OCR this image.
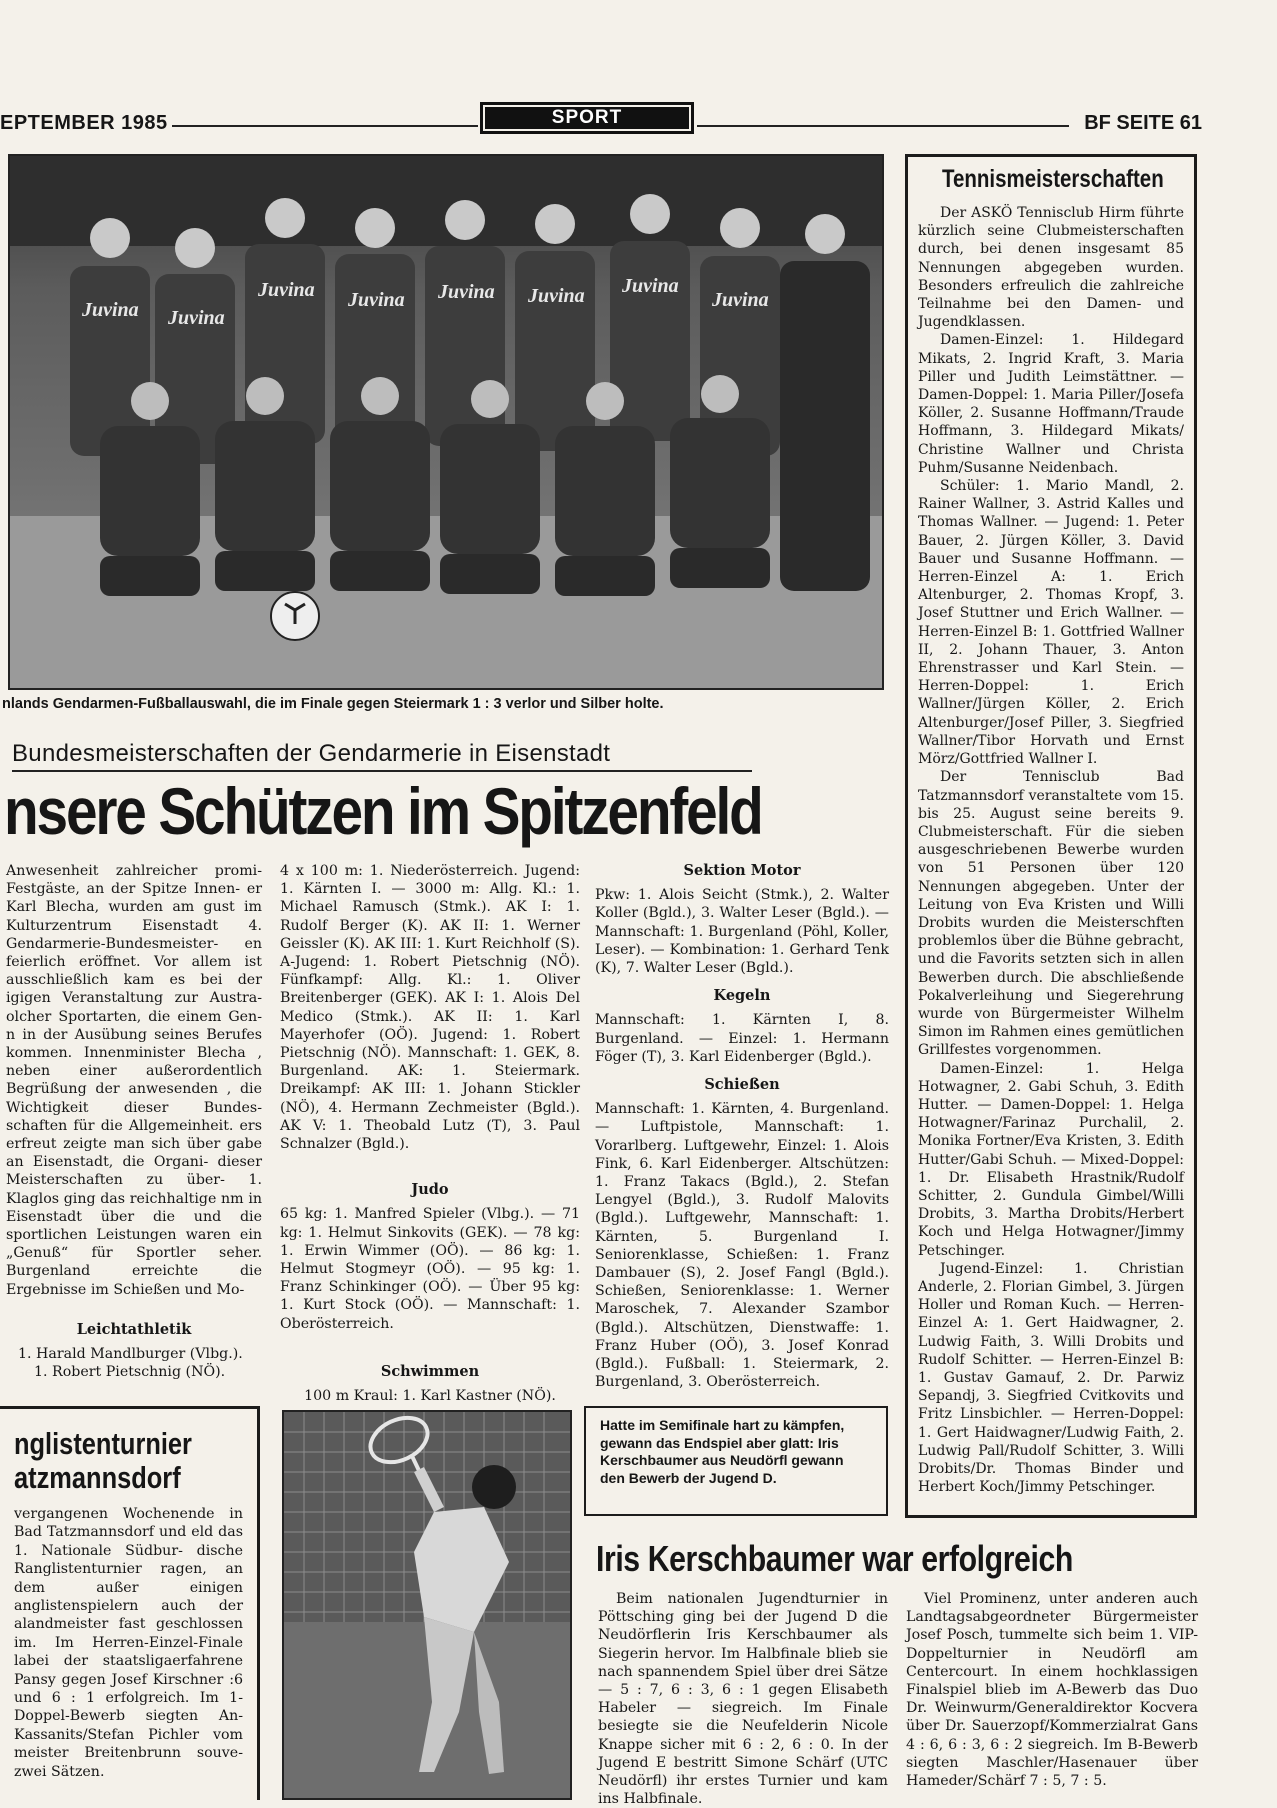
EPTEMBER 1985	SPORT	BF SEITE 61
Juvina Juvina
Juvina Juvina Juvina Juvina Juvina
Juvina
nlands Gendarmen-Fußballauswahl, die im Finale gegen Steiermark 1 : 3 verlor und Silber holte.
Bundesmeisterschaften der Gendarmerie in Eisenstadt
nsere Schützen im Spitzenfeld

Anwesenheit zahlreicher promi- Festgäste, an der Spitze Innen- er Karl Blecha, wurden am gust im Kulturzentrum Eisenstadt 4. Gendarmerie-Bundesmeister- en feierlich eröffnet. Vor allem ist ausschließlich kam es bei der igigen Veranstaltung zur Austra- olcher Sportarten, die einem Gen- n in der Ausübung seines Berufes kommen. Innenminister Blecha , neben einer außerordentlich Begrüßung der anwesenden , die Wichtigkeit dieser Bundes- schaften für die Allgemeinheit. ers erfreut zeigte man sich über gabe an Eisenstadt, die Organi- dieser Meisterschaften zu über- 1. Klaglos ging das reichhaltige nm in Eisenstadt über die und die sportlichen Leistungen waren ein „Genuß“ für Sportler seher. Burgenland erreichte die Ergebnisse im Schießen und Mo-

Leichtathletik

1. Harald Mandlburger (Vlbg.).

1. Robert Pietschnig (NÖ).

4 x 100 m: 1. Niederösterreich. Jugend: 1. Kärnten I. — 3000 m: Allg. Kl.: 1. Michael Ramusch (Stmk.). AK I: 1. Rudolf Berger (K). AK II: 1. Werner Geissler (K). AK III: 1. Kurt Reichholf (S). A-Jugend: 1. Robert Pietschnig (NÖ). Fünfkampf: Allg. Kl.: 1. Oliver Breitenberger (GEK). AK I: 1. Alois Del Medico (Stmk.). AK II: 1. Karl Mayerhofer (OÖ). Jugend: 1. Robert Pietschnig (NÖ). Mannschaft: 1. GEK, 8. Burgenland. AK: 1. Steiermark. Dreikampf: AK III: 1. Johann Stickler (NÖ), 4. Hermann Zechmeister (Bgld.). AK V: 1. Theobald Lutz (T), 3. Paul Schnalzer (Bgld.).

Judo

65 kg: 1. Manfred Spieler (Vlbg.). — 71 kg: 1. Helmut Sinkovits (GEK). — 78 kg: 1. Erwin Wimmer (OÖ). — 86 kg: 1. Helmut Stogmeyr (OÖ). — 95 kg: 1. Franz Schinkinger (OÖ). — Über 95 kg: 1. Kurt Stock (OÖ). — Mannschaft: 1. Oberösterreich.

Schwimmen

100 m Kraul: 1. Karl Kastner (NÖ).

Sektion Motor

Pkw: 1. Alois Seicht (Stmk.), 2. Walter Koller (Bgld.), 3. Walter Leser (Bgld.). — Mannschaft: 1. Burgenland (Pöhl, Koller, Leser). — Kombination: 1. Gerhard Tenk (K), 7. Walter Leser (Bgld.).

Kegeln

Mannschaft: 1. Kärnten I, 8. Burgenland. — Einzel: 1. Hermann Föger (T), 3. Karl Eidenberger (Bgld.).

Schießen

Mannschaft: 1. Kärnten, 4. Burgenland. — Luftpistole, Mannschaft: 1. Vorarlberg. Luftgewehr, Einzel: 1. Alois Fink, 6. Karl Eidenberger. Altschützen: 1. Franz Takacs (Bgld.), 2. Stefan Lengyel (Bgld.), 3. Rudolf Malovits (Bgld.). Luftgewehr, Mannschaft: 1. Kärnten, 5. Burgenland I. Seniorenklasse, Schießen: 1. Franz Dambauer (S), 2. Josef Fangl (Bgld.). Schießen, Seniorenklasse: 1. Werner Maroschek, 7. Alexander Szambor (Bgld.). Altschützen, Dienstwaffe: 1. Franz Huber (OÖ), 3. Josef Konrad (Bgld.). Fußball: 1. Steiermark, 2. Burgenland, 3. Oberösterreich.

Tennismeisterschaften

Der ASKÖ Tennisclub Hirm führte kürzlich seine Clubmeisterschaften durch, bei denen insgesamt 85 Nennungen abgegeben wurden. Besonders erfreulich die zahlreiche Teilnahme bei den Damen- und Jugendklassen.

Damen-Einzel: 1. Hildegard Mikats, 2. Ingrid Kraft, 3. Maria Piller und Judith Leimstättner. — Damen-Doppel: 1. Maria Piller/Josefa Köller, 2. Susanne Hoffmann/Traude Hoffmann, 3. Hildegard Mikats/ Christine Wallner und Christa Puhm/Susanne Neidenbach.

Schüler: 1. Mario Mandl, 2. Rainer Wallner, 3. Astrid Kalles und Thomas Wallner. — Jugend: 1. Peter Bauer, 2. Jürgen Köller, 3. David Bauer und Susanne Hoffmann. — Herren-Einzel A: 1. Erich Altenburger, 2. Thomas Kropf, 3. Josef Stuttner und Erich Wallner. — Herren-Einzel B: 1. Gottfried Wallner II, 2. Johann Thauer, 3. Anton Ehrenstrasser und Karl Stein. — Herren-Doppel: 1. Erich Wallner/Jürgen Köller, 2. Erich Altenburger/Josef Piller, 3. Siegfried Wallner/Tibor Horvath und Ernst Mörz/Gottfried Wallner I.

Der Tennisclub Bad Tatzmannsdorf veranstaltete vom 15. bis 25. August seine bereits 9. Clubmeisterschaft. Für die sieben ausgeschriebenen Bewerbe wurden von 51 Personen über 120 Nennungen abgegeben. Unter der Leitung von Eva Kristen und Willi Drobits wurden die Meisterschften problemlos über die Bühne gebracht, und die Favorits setzten sich in allen Bewerben durch. Die abschließende Pokalverleihung und Siegerehrung wurde von Bürgermeister Wilhelm Simon im Rahmen eines gemütlichen Grillfestes vorgenommen.

Damen-Einzel: 1. Helga Hotwagner, 2. Gabi Schuh, 3. Edith Hutter. — Damen-Doppel: 1. Helga Hotwagner/Farinaz Purchalil, 2. Monika Fortner/Eva Kristen, 3. Edith Hutter/Gabi Schuh. — Mixed-Doppel: 1. Dr. Elisabeth Hrastnik/Rudolf Schitter, 2. Gundula Gimbel/Willi Drobits, 3. Martha Drobits/Herbert Koch und Helga Hotwagner/Jimmy Petschinger.

Jugend-Einzel: 1. Christian Anderle, 2. Florian Gimbel, 3. Jürgen Holler und Roman Kuch. — Herren-Einzel A: 1. Gert Haidwagner, 2. Ludwig Faith, 3. Willi Drobits und Rudolf Schitter. — Herren-Einzel B: 1. Gustav Gamauf, 2. Dr. Parwiz Sepandj, 3. Siegfried Cvitkovits und Fritz Linsbichler. — Herren-Doppel: 1. Gert Haidwagner/Ludwig Faith, 2. Ludwig Pall/Rudolf Schitter, 3. Willi Drobits/Dr. Thomas Binder und Herbert Koch/Jimmy Petschinger.

nglistenturnier
atzmannsdorf
vergangenen Wochenende in Bad Tatzmannsdorf und eld das 1. Nationale Südbur- dische Ranglistenturnier ragen, an dem außer einigen anglistenspielern auch der alandmeister fast geschlossen im. Im Herren-Einzel-Finale labei der staatsligaerfahrene Pansy gegen Josef Kirschner :6 und 6 : 1 erfolgreich. Im 1-Doppel-Bewerb siegten An- Kassanits/Stefan Pichler vom meister Breitenbrunn souve- zwei Sätzen.
Hatte im Semifinale hart zu kämpfen, gewann das Endspiel aber glatt: Iris Kerschbaumer aus Neudörfl gewann den Bewerb der Jugend D.
Iris Kerschbaumer war erfolgreich
Beim nationalen Jugendturnier in Pöttsching ging bei der Jugend D die Neudörflerin Iris Kerschbaumer als Siegerin hervor. Im Halbfinale blieb sie nach spannendem Spiel über drei Sätze — 5 : 7, 6 : 3, 6 : 1 gegen Elisabeth Habeler — siegreich. Im Finale besiegte sie die Neufelderin Nicole Knappe sicher mit 6 : 2, 6 : 0. In der Jugend E bestritt Simone Schärf (UTC Neudörfl) ihr erstes Turnier und kam ins Halbfinale.
Viel Prominenz, unter anderen auch Landtagsabgeordneter Bürgermeister Josef Posch, tummelte sich beim 1. VIP-Doppelturnier in Neudörfl am Centercourt. In einem hochklassigen Finalspiel blieb im A-Bewerb das Duo Dr. Weinwurm/Generaldirektor Kocvera über Dr. Sauerzopf/Kommerzialrat Gans 4 : 6, 6 : 3, 6 : 2 siegreich. Im B-Bewerb siegten Maschler/Hasenauer über Hameder/Schärf 7 : 5, 7 : 5.
